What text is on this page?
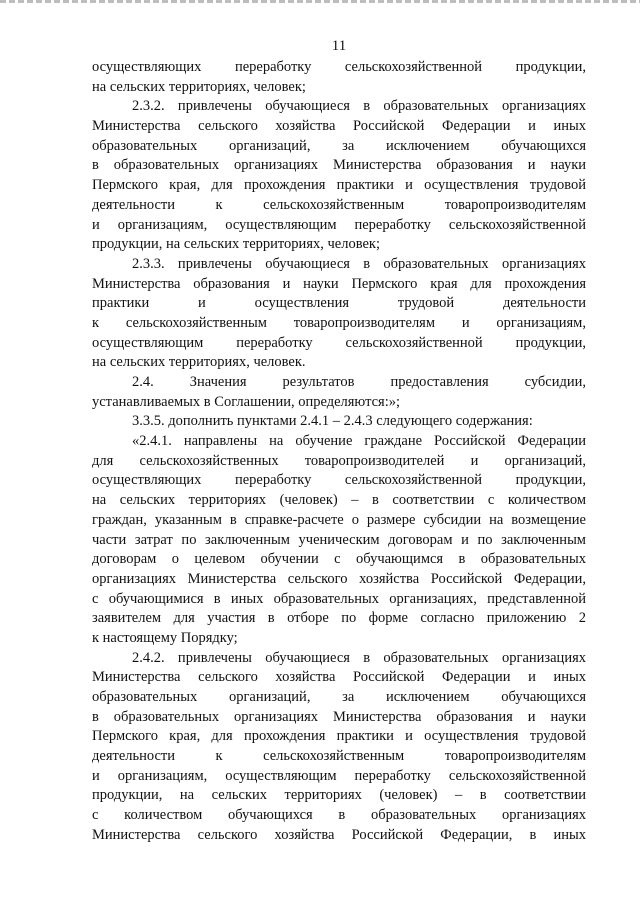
11
осуществляющих переработку сельскохозяйственной продукции,
на сельских территориях, человек;
2.3.2. привлечены обучающиеся в образовательных организациях
Министерства сельского хозяйства Российской Федерации и иных
образовательных организаций, за исключением обучающихся
в образовательных организациях Министерства образования и науки
Пермского края, для прохождения практики и осуществления трудовой
деятельности к сельскохозяйственным товаропроизводителям
и организациям, осуществляющим переработку сельскохозяйственной
продукции, на сельских территориях, человек;
2.3.3. привлечены обучающиеся в образовательных организациях
Министерства образования и науки Пермского края для прохождения
практики и осуществления трудовой деятельности
к сельскохозяйственным товаропроизводителям и организациям,
осуществляющим переработку сельскохозяйственной продукции,
на сельских территориях, человек.
2.4. Значения результатов предоставления субсидии,
устанавливаемых в Соглашении, определяются:»;
3.3.5. дополнить пунктами 2.4.1 – 2.4.3 следующего содержания:
«2.4.1. направлены на обучение граждане Российской Федерации
для сельскохозяйственных товаропроизводителей и организаций,
осуществляющих переработку сельскохозяйственной продукции,
на сельских территориях (человек) – в соответствии с количеством
граждан, указанным в справке-расчете о размере субсидии на возмещение
части затрат по заключенным ученическим договорам и по заключенным
договорам о целевом обучении с обучающимся в образовательных
организациях Министерства сельского хозяйства Российской Федерации,
с обучающимися в иных образовательных организациях, представленной
заявителем для участия в отборе по форме согласно приложению 2
к настоящему Порядку;
2.4.2. привлечены обучающиеся в образовательных организациях
Министерства сельского хозяйства Российской Федерации и иных
образовательных организаций, за исключением обучающихся
в образовательных организациях Министерства образования и науки
Пермского края, для прохождения практики и осуществления трудовой
деятельности к сельскохозяйственным товаропроизводителям
и организациям, осуществляющим переработку сельскохозяйственной
продукции, на сельских территориях (человек) – в соответствии
с количеством обучающихся в образовательных организациях
Министерства сельского хозяйства Российской Федерации, в иных
